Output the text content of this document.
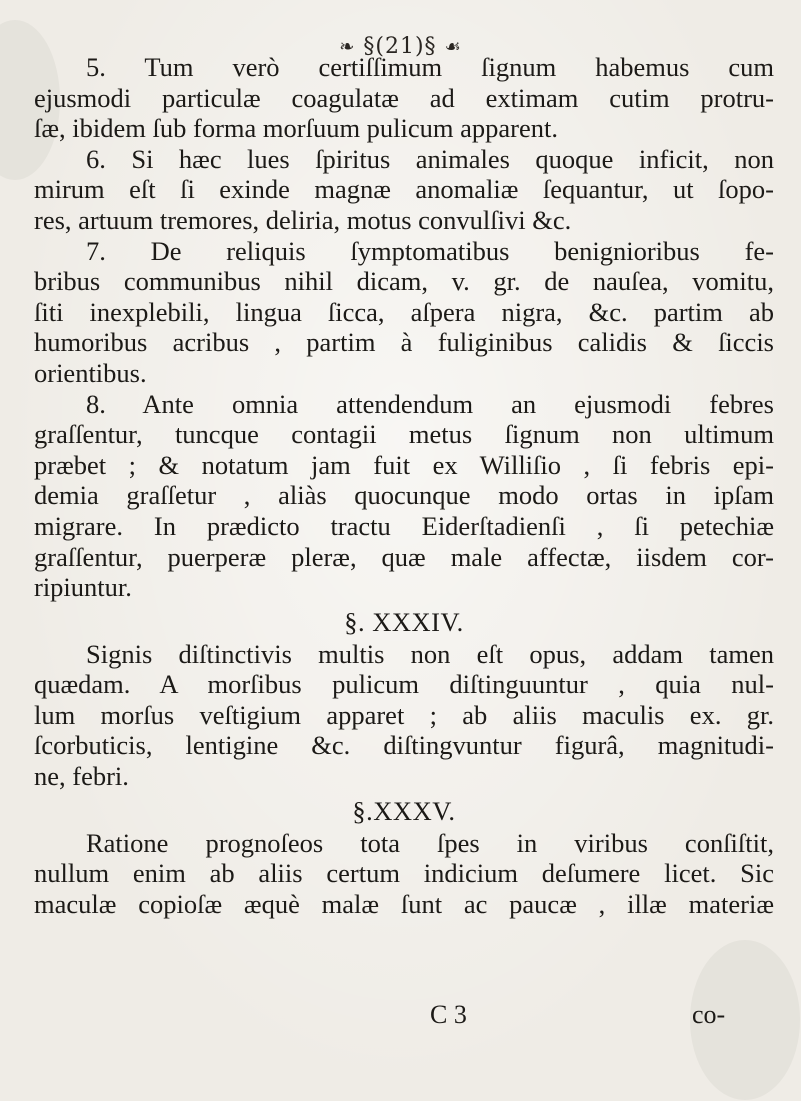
❧ §(21)§ ☙
5. Tum verò certiſſimum ſignum habemus cum
ejusmodi particulæ coagulatæ ad extimam cutim protru-
ſæ, ibidem ſub forma morſuum pulicum apparent.
6. Si hæc lues ſpiritus animales quoque inficit, non
mirum eſt ſi exinde magnæ anomaliæ ſequantur, ut ſopo-
res, artuum tremores, deliria, motus convulſivi &c.
7. De reliquis ſymptomatibus benignioribus fe-
bribus communibus nihil dicam, v. gr. de nauſea, vomitu,
ſiti inexplebili, lingua ſicca, aſpera nigra, &c. partim ab
humoribus acribus , partim à fuliginibus calidis & ſiccis
orientibus.
8. Ante omnia attendendum an ejusmodi febres
graſſentur, tuncque contagii metus ſignum non ultimum
præbet ; & notatum jam fuit ex Williſio , ſi febris epi-
demia graſſetur , aliàs quocunque modo ortas in ipſam
migrare. In prædicto tractu Eiderſtadienſi , ſi petechiæ
graſſentur, puerperæ pleræ, quæ male affectæ, iisdem cor-
ripiuntur.
§. XXXIV.
Signis diſtinctivis multis non eſt opus, addam tamen
quædam. A morſibus pulicum diſtinguuntur , quia nul-
lum morſus veſtigium apparet ; ab aliis maculis ex. gr.
ſcorbuticis, lentigine &c. diſtingvuntur figurâ, magnitudi-
ne, febri.
§.XXXV.
Ratione prognoſeos tota ſpes in viribus conſiſtit,
nullum enim ab aliis certum indicium deſumere licet. Sic
maculæ copioſæ æquè malæ ſunt ac paucæ , illæ materiæ
C 3	co-
